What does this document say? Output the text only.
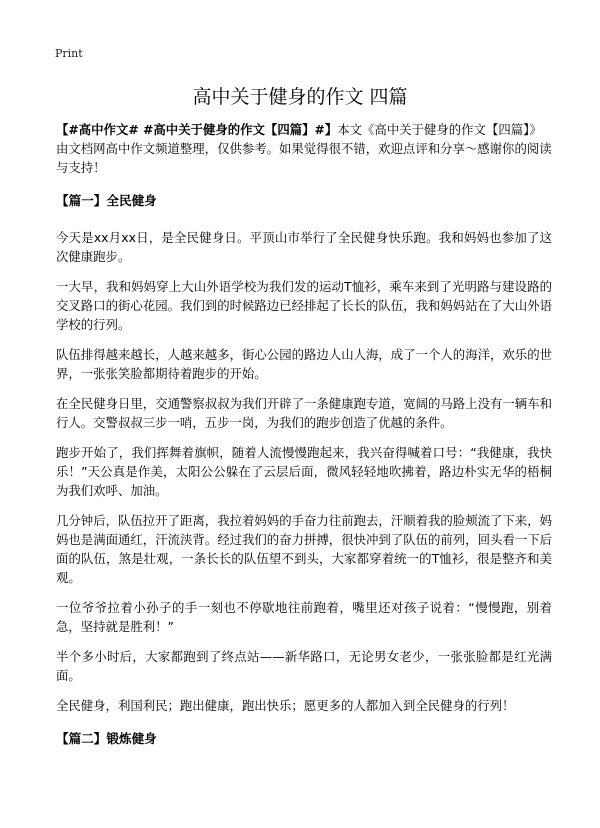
Print
高中关于健身的作文 四篇

【#高中作文# #高中关于健身的作文【四篇】#】本文《高中关于健身的作文【四篇】》由文档网高中作文频道整理，仅供参考。如果觉得很不错，欢迎点评和分享～感谢你的阅读与支持！

【篇一】全民健身

今天是xx月xx日，是全民健身日。平顶山市举行了全民健身快乐跑。我和妈妈也参加了这次健康跑步。

一大早，我和妈妈穿上大山外语学校为我们发的运动T恤衫，乘车来到了光明路与建设路的交叉路口的街心花园。我们到的时候路边已经排起了长长的队伍，我和妈妈站在了大山外语学校的行列。

队伍排得越来越长，人越来越多，街心公园的路边人山人海，成了一个人的海洋，欢乐的世界，一张张笑脸都期待着跑步的开始。

在全民健身日里，交通警察叔叔为我们开辟了一条健康跑专道，宽阔的马路上没有一辆车和行人。交警叔叔三步一哨，五步一岗，为我们的跑步创造了优越的条件。

跑步开始了，我们挥舞着旗帜，随着人流慢慢跑起来，我兴奋得喊着口号：“我健康，我快乐！”天公真是作美，太阳公公躲在了云层后面，微风轻轻地吹拂着，路边朴实无华的梧桐为我们欢呼、加油。

几分钟后，队伍拉开了距离，我拉着妈妈的手奋力往前跑去，汗顺着我的脸颊流了下来，妈妈也是满面通红，汗流浃背。经过我们的奋力拼搏，很快冲到了队伍的前列，回头看一下后面的队伍，煞是壮观，一条长长的队伍望不到头，大家都穿着统一的T恤衫，很是整齐和美观。

一位爷爷拉着小孙子的手一刻也不停歇地往前跑着，嘴里还对孩子说着：“慢慢跑，别着急，坚持就是胜利！”

半个多小时后，大家都跑到了终点站——新华路口，无论男女老少，一张张脸都是红光满面。

全民健身，利国利民；跑出健康，跑出快乐；愿更多的人都加入到全民健身的行列！

【篇二】锻炼健身
